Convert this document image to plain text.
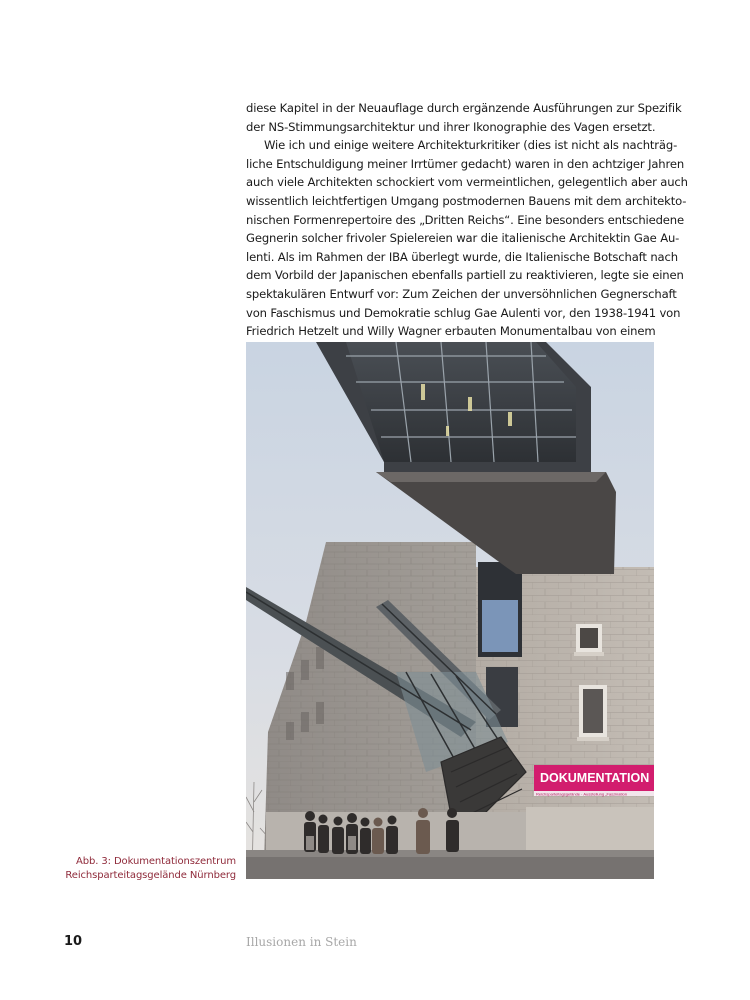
diese Kapitel in der Neuauflage durch ergänzende Ausführungen zur Spezifik
der NS-Stimmungsarchitektur und ihrer Ikonographie des Vagen ersetzt.
Wie ich und einige weitere Architekturkritiker (dies ist nicht als nachträg-
liche Entschuldigung meiner Irrtümer gedacht) waren in den achtziger Jahren
auch viele Architekten schockiert vom vermeintlichen, gelegentlich aber auch
wissentlich leichtfertigen Umgang postmodernen Bauens mit dem architekto-
nischen Formenrepertoire des „Dritten Reichs“. Eine besonders entschiedene
Gegnerin solcher frivoler Spielereien war die italienische Architektin Gae Au-
lenti. Als im Rahmen der IBA überlegt wurde, die Italienische Botschaft nach
dem Vorbild der Japanischen ebenfalls partiell zu reaktivieren, legte sie einen
spektakulären Entwurf vor: Zum Zeichen der unversöhnlichen Gegnerschaft
von Faschismus und Demokratie schlug Gae Aulenti vor, den 1938-1941 von
Friedrich Hetzelt und Willy Wagner erbauten Monumentalbau von einem
DOKUMENTATION
Reichsparteitagsgelände · Ausstellung „Faszination
Abb. 3: Dokumentationszentrum
Reichsparteitagsgelände Nürnberg
10	Illusionen in Stein
